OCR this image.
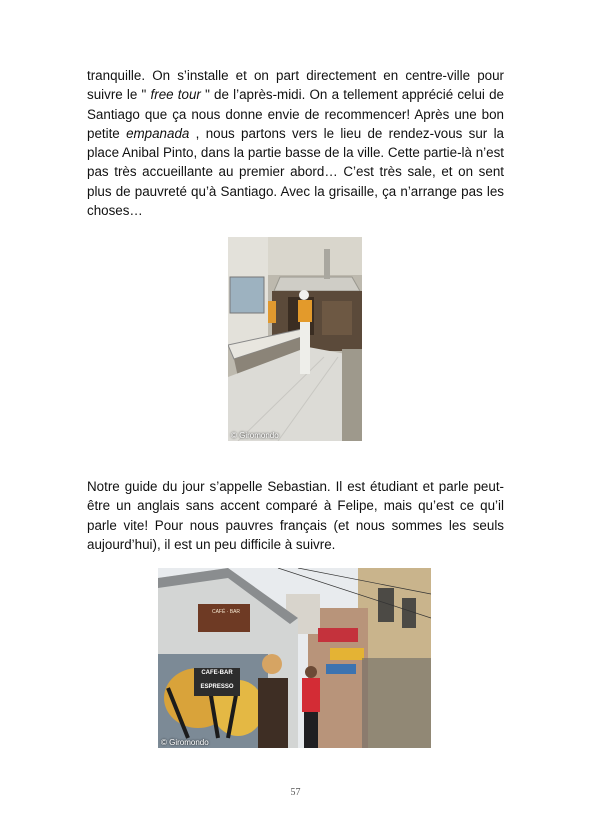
tranquille. On s’installe et on part directement en centre-ville pour suivre le " free tour " de l’après-midi. On a tellement apprécié celui de Santiago que ça nous donne envie de recommencer! Après une bon petite empanada , nous partons vers le lieu de rendez-vous sur la place Anibal Pinto, dans la partie basse de la ville. Cette partie-là n’est pas très accueillante au premier abord… C’est très sale, et on sent plus de pauvreté qu’à Santiago. Avec la grisaille, ça n’arrange pas les choses…

© Giromondo

Notre guide du jour s’appelle Sebastian. Il est étudiant et parle peut-être un anglais sans accent comparé à Felipe, mais qu’est ce qu’il parle vite! Pour nous pauvres français (et nous sommes les seuls aujourd’hui), il est un peu difficile à suivre.

CAFÉ · BAR
CAFE-BAR
ESPRESSO
© Giromondo
57
